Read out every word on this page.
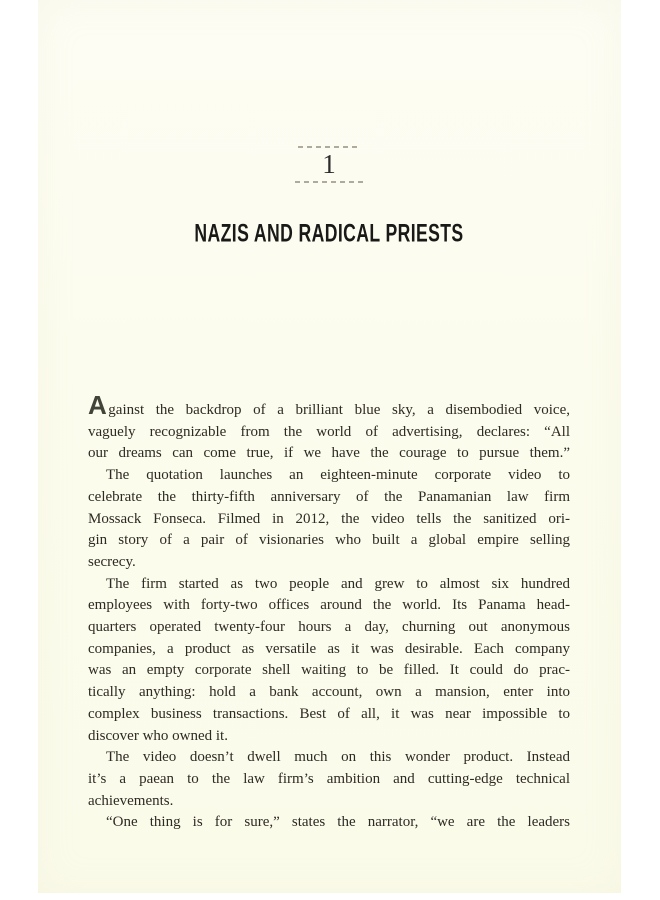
1
NAZIS AND RADICAL PRIESTS
Against the backdrop of a brilliant blue sky, a disembodied voice,
vaguely recognizable from the world of advertising, declares: “All
our dreams can come true, if we have the courage to pursue them.”
The quotation launches an eighteen-minute corporate video to
celebrate the thirty-fifth anniversary of the Panamanian law firm
Mossack Fonseca. Filmed in 2012, the video tells the sanitized ori-
gin story of a pair of visionaries who built a global empire selling
secrecy.
The firm started as two people and grew to almost six hundred
employees with forty-two offices around the world. Its Panama head-
quarters operated twenty-four hours a day, churning out anonymous
companies, a product as versatile as it was desirable. Each company
was an empty corporate shell waiting to be filled. It could do prac-
tically anything: hold a bank account, own a mansion, enter into
complex business transactions. Best of all, it was near impossible to
discover who owned it.
The video doesn’t dwell much on this wonder product. Instead
it’s a paean to the law firm’s ambition and cutting-edge technical
achievements.
“One thing is for sure,” states the narrator, “we are the leaders
